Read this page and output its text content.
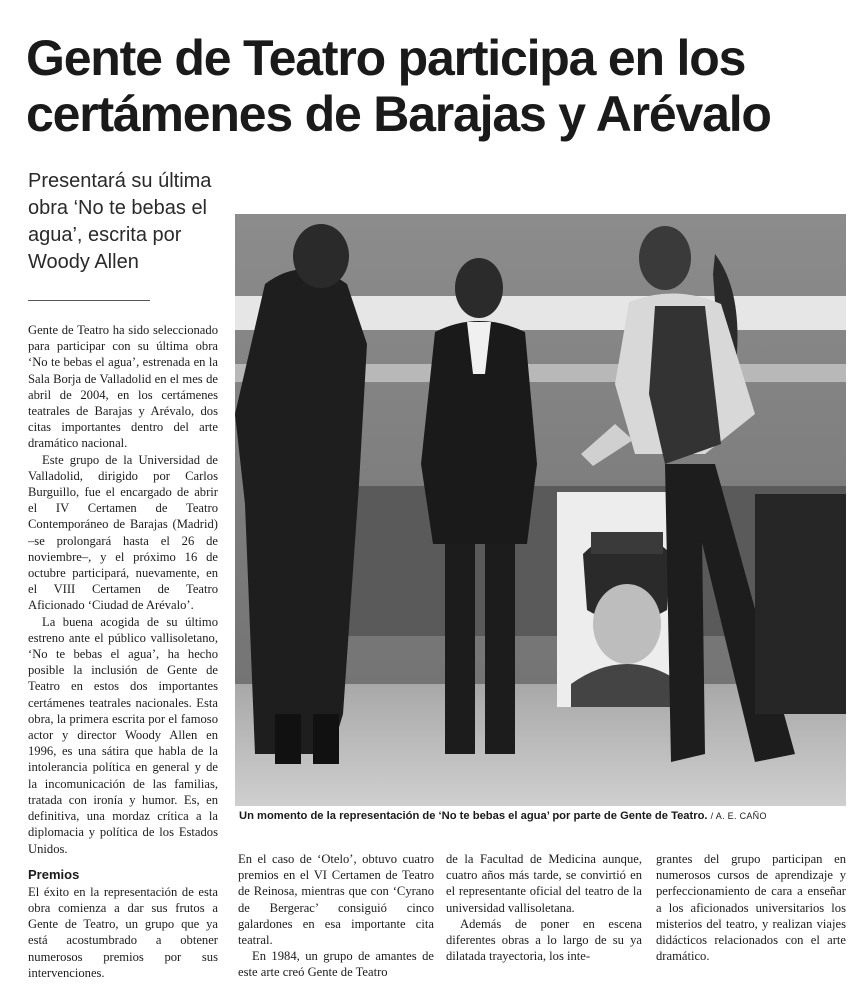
Gente de Teatro participa en los certámenes de Barajas y Arévalo

Presentará su última obra ‘No te bebas el agua’, escrita por Woody Allen

Gente de Teatro ha sido seleccionado para participar con su última obra ‘No te bebas el agua’, estrenada en la Sala Borja de Valladolid en el mes de abril de 2004, en los certámenes teatrales de Barajas y Arévalo, dos citas importantes dentro del arte dramático nacional.

Este grupo de la Universidad de Valladolid, dirigido por Carlos Burguillo, fue el encargado de abrir el IV Certamen de Teatro Contemporáneo de Barajas (Madrid) –se prolongará hasta el 26 de noviembre–, y el próximo 16 de octubre participará, nuevamente, en el VIII Certamen de Teatro Aficionado ‘Ciudad de Arévalo’.

La buena acogida de su último estreno ante el público vallisoletano, ‘No te bebas el agua’, ha hecho posible la inclusión de Gente de Teatro en estos dos importantes certámenes teatrales nacionales. Esta obra, la primera escrita por el famoso actor y director Woody Allen en 1996, es una sátira que habla de la intolerancia política en general y de la incomunicación de las familias, tratada con ironía y humor. Es, en definitiva, una mordaz crítica a la diplomacia y política de los Estados Unidos.

Premios

El éxito en la representación de esta obra comienza a dar sus frutos a Gente de Teatro, un grupo que ya está acostumbrado a obtener numerosos premios por sus intervenciones.

Un momento de la representación de ‘No te bebas el agua’ por parte de Gente de Teatro. / A. E. CAÑO

En el caso de ‘Otelo’, obtuvo cuatro premios en el VI Certamen de Teatro de Reinosa, mientras que con ‘Cyrano de Bergerac’ consiguió cinco galardones en esa importante cita teatral.

En 1984, un grupo de amantes de este arte creó Gente de Teatro

de la Facultad de Medicina aunque, cuatro años más tarde, se convirtió en el representante oficial del teatro de la universidad vallisoletana.

Además de poner en escena diferentes obras a lo largo de su ya dilatada trayectoria, los inte-

grantes del grupo participan en numerosos cursos de aprendizaje y perfeccionamiento de cara a enseñar a los aficionados universitarios los misterios del teatro, y realizan viajes didácticos relacionados con el arte dramático.
